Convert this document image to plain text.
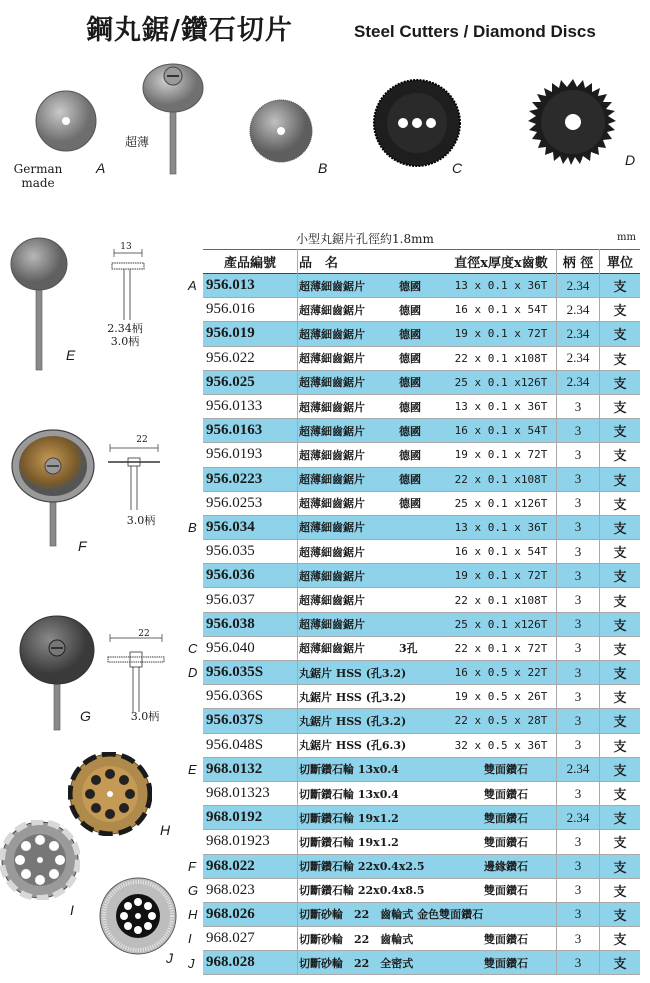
鋼丸鋸/鑽石切片	Steel Cutters / Diamond Discs
German
made
A
超薄
B	C	D
E
13
2.34柄
3.0柄
F
22
3.0柄
G
22
3.0柄
H
I
J
小型丸鋸片孔徑約1.8mm	mm
產品編號	品　名	直徑x厚度x齒數	柄 徑	單位
956.013	超薄細齒鋸片	德國	13 x 0.1 x 36T	2.34	支
956.016	超薄細齒鋸片	德國	16 x 0.1 x 54T	2.34	支
956.019	超薄細齒鋸片	德國	19 x 0.1 x 72T	2.34	支
956.022	超薄細齒鋸片	德國	22 x 0.1 x108T	2.34	支
956.025	超薄細齒鋸片	德國	25 x 0.1 x126T	2.34	支
956.0133	超薄細齒鋸片	德國	13 x 0.1 x 36T	3	支
956.0163	超薄細齒鋸片	德國	16 x 0.1 x 54T	3	支
956.0193	超薄細齒鋸片	德國	19 x 0.1 x 72T	3	支
956.0223	超薄細齒鋸片	德國	22 x 0.1 x108T	3	支
956.0253	超薄細齒鋸片	德國	25 x 0.1 x126T	3	支
956.034	超薄細齒鋸片	13 x 0.1 x 36T	3	支
956.035	超薄細齒鋸片	16 x 0.1 x 54T	3	支
956.036	超薄細齒鋸片	19 x 0.1 x 72T	3	支
956.037	超薄細齒鋸片	22 x 0.1 x108T	3	支
956.038	超薄細齒鋸片	25 x 0.1 x126T	3	支
956.040	超薄細齒鋸片	3孔	22 x 0.1 x 72T	3	支
956.035S	丸鋸片 HSS (孔3.2)	16 x 0.5 x 22T	3	支
956.036S	丸鋸片 HSS (孔3.2)	19 x 0.5 x 26T	3	支
956.037S	丸鋸片 HSS (孔3.2)	22 x 0.5 x 28T	3	支
956.048S	丸鋸片 HSS (孔6.3)	32 x 0.5 x 36T	3	支
968.0132	切斷鑽石輪 13x0.4	雙面鑽石	2.34	支
968.01323	切斷鑽石輪 13x0.4	雙面鑽石	3	支
968.0192	切斷鑽石輪 19x1.2	雙面鑽石	2.34	支
968.01923	切斷鑽石輪 19x1.2	雙面鑽石	3	支
968.022	切斷鑽石輪 22x0.4x2.5	邊緣鑽石	3	支
968.023	切斷鑽石輪 22x0.4x8.5	雙面鑽石	3	支
968.026	切斷砂輪　22　齒輪式 金色雙面鑽石	3	支
968.027	切斷砂輪　22　齒輪式	雙面鑽石	3	支
968.028	切斷砂輪　22　全密式	雙面鑽石	3	支
A
B
C
D
E
F
G
H
I
J
